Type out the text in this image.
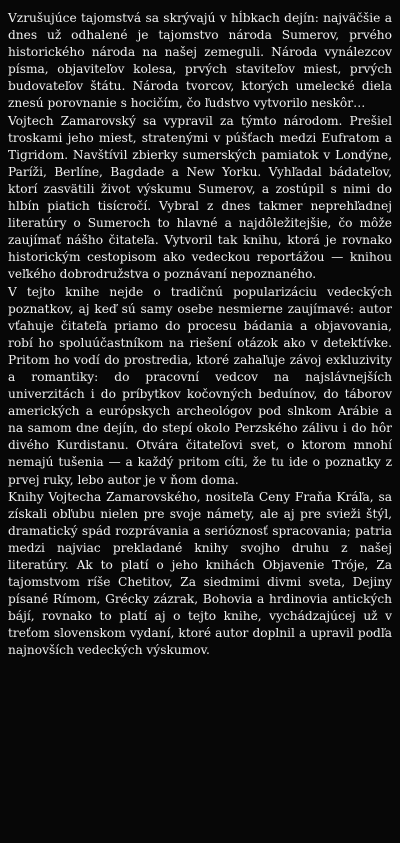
Vzrušujúce tajomstvá sa skrývajú v hĺbkach dejín: najväčšie a dnes už odhalené je tajomstvo národa Sumerov, prvého historického národa na našej zemeguli. Národa vynálezcov písma, objaviteľov kolesa, prvých staviteľov miest, prvých budovateľov štátu. Národa tvorcov, ktorých umelecké diela znesú porovnanie s hocičím, čo ľudstvo vytvorilo neskôr…

Vojtech Zamarovský sa vypravil za týmto národom. Prešiel troskami jeho miest, stratenými v púšťach medzi Eufratom a Tigridom. Navštívil zbierky sumerských pamiatok v Londýne, Paríži, Berlíne, Bagdade a New Yorku. Vyhľadal bádateľov, ktorí zasvätili život výskumu Sumerov, a zostúpil s nimi do hlbín piatich tisícročí. Vybral z dnes takmer neprehľadnej literatúry o Sumeroch to hlavné a najdôležitejšie, čo môže zaujímať nášho čitateľa. Vytvoril tak knihu, ktorá je rovnako historickým cestopisom ako vedeckou reportážou — knihou veľkého dobrodružstva o poznávaní nepoznaného.

V tejto knihe nejde o tradičnú popularizáciu vedeckých poznatkov, aj keď sú samy osebe nesmierne zaujímavé: autor vťahuje čitateľa priamo do procesu bádania a objavovania, robí ho spoluúčastníkom na riešení otázok ako v detektívke. Pritom ho vodí do prostredia, ktoré zahaľuje závoj exkluzivity a romantiky: do pracovní vedcov na najslávnejších univerzitách i do príbytkov kočovných beduínov, do táborov amerických a európskych archeológov pod slnkom Arábie a na samom dne dejín, do stepí okolo Perzského zálivu i do hôr divého Kurdistanu. Otvára čitateľovi svet, o ktorom mnohí nemajú tušenia — a každý pritom cíti, že tu ide o poznatky z prvej ruky, lebo autor je v ňom doma.

Knihy Vojtecha Zamarovského, nositeľa Ceny Fraňa Kráľa, sa získali obľubu nielen pre svoje námety, ale aj pre svieži štýl, dramatický spád rozprávania a serióznosť spracovania; patria medzi najviac prekladané knihy svojho druhu z našej literatúry. Ak to platí o jeho knihách Objavenie Tróje, Za tajomstvom ríše Chetitov, Za siedmimi divmi sveta, Dejiny písané Rímom, Grécky zázrak, Bohovia a hrdinovia antických bájí, rovnako to platí aj o tejto knihe, vychádzajúcej už v treťom slovenskom vydaní, ktoré autor doplnil a upravil podľa najnovších vedeckých výskumov.
